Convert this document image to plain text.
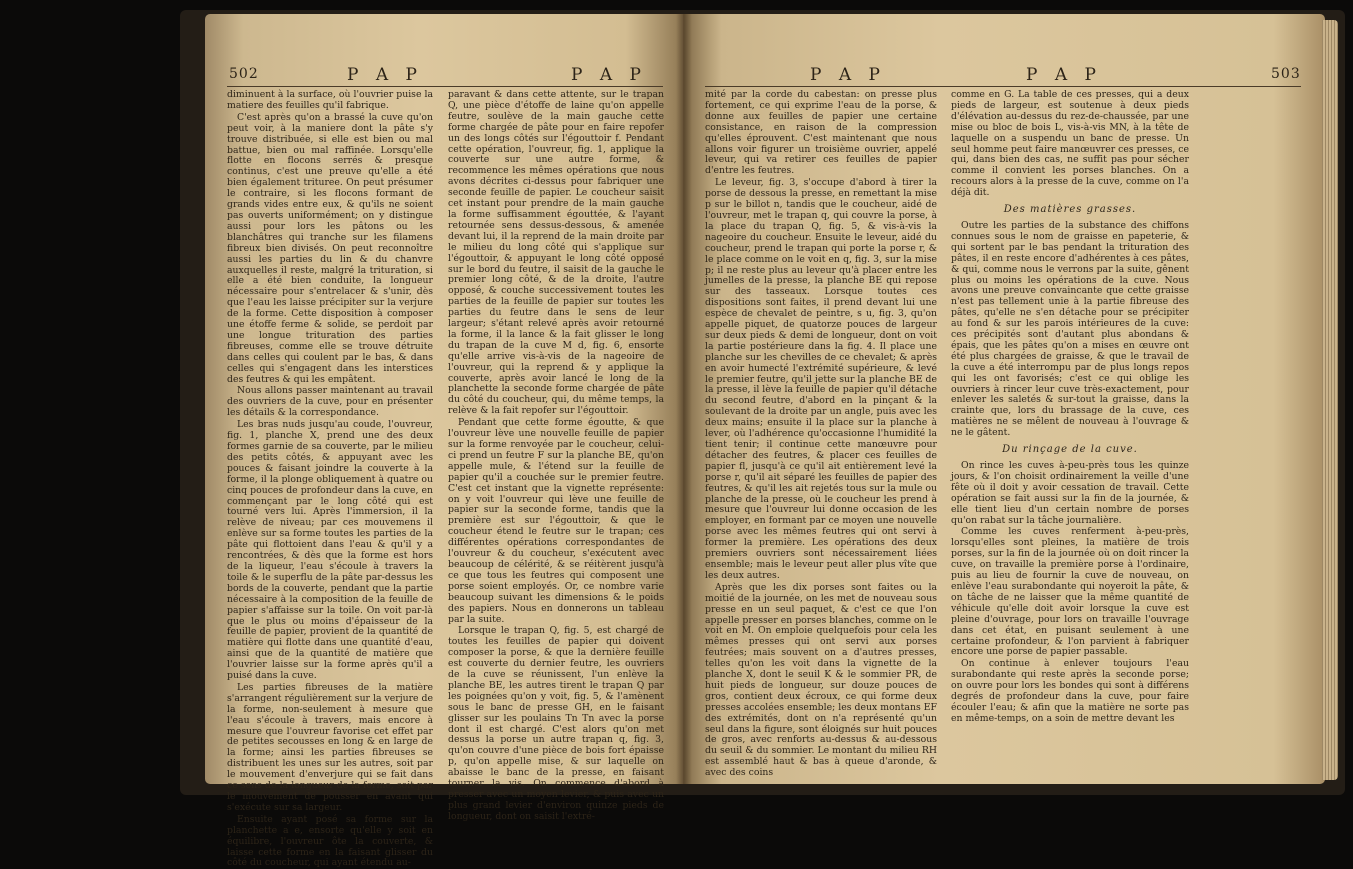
502	P A P	P A P

diminuent à la surface, où l'ouvrier puise la matiere des feuilles qu'il fabrique.

C'est après qu'on a brassé la cuve qu'on peut voir, à la maniere dont la pâte s'y trouve distribuée, si elle est bien ou mal battue, bien ou mal raffinée. Lorsqu'elle flotte en flocons serrés & presque continus, c'est une preuve qu'elle a été bien également trituree. On peut présumer le contraire, si les flocons formant de grands vides entre eux, & qu'ils ne soient pas ouverts uniformément; on y distingue aussi pour lors les pâtons ou les blanchâtres qui tranche sur les filamens fibreux bien divisés. On peut reconnoître aussi les parties du lin & du chanvre auxquelles il reste, malgré la trituration, si elle a été bien conduite, la longueur nécessaire pour s'entrelacer & s'unir, dès que l'eau les laisse précipiter sur la verjure de la forme. Cette disposition à composer une étoffe ferme & solide, se perdoit par une longue trituration des parties fibreuses, comme elle se trouve détruite dans celles qui coulent par le bas, & dans celles qui s'engagent dans les interstices des feutres & qui les empâtent.

Nous allons passer maintenant au travail des ouvriers de la cuve, pour en présenter les détails & la correspondance.

Les bras nuds jusqu'au coude, l'ouvreur, fig. 1, planche X, prend une des deux formes garnie de sa couverte, par le milieu des petits côtés, & appuyant avec les pouces & faisant joindre la couverte à la forme, il la plonge obliquement à quatre ou cinq pouces de profondeur dans la cuve, en commençant par le long côté qui est tourné vers lui. Après l'immersion, il la relève de niveau; par ces mouvemens il enlève sur sa forme toutes les parties de la pâte qui flottoient dans l'eau & qu'il y a rencontrées, & dès que la forme est hors de la liqueur, l'eau s'écoule à travers la toile & le superflu de la pâte par-dessus les bords de la couverte, pendant que la partie nécessaire à la composition de la feuille de papier s'affaisse sur la toile. On voit par-là que le plus ou moins d'épaisseur de la feuille de papier, provient de la quantité de matière qui flotte dans une quantité d'eau, ainsi que de la quantité de matière que l'ouvrier laisse sur la forme après qu'il a puisé dans la cuve.

Les parties fibreuses de la matière s'arrangent régulièrement sur la verjure de la forme, non-seulement à mesure que l'eau s'écoule à travers, mais encore à mesure que l'ouvreur favorise cet effet par de petites secousses en long & en large de la forme; ainsi les parties fibreuses se distribuent les unes sur les autres, soit par le mouvement d'enverjure qui se fait dans ce sens de la longueur de la forme, soit par le mouvement de pousser en avant qui s'exécute sur sa largeur.

Ensuite ayant posé sa forme sur la planchette a e, ensorte qu'elle y soit en équilibre, l'ouvreur ôte la couverte, & laisse cette forme en la faisant glisser du côté du coucheur, qui ayant étendu au-

paravant & dans cette attente, sur le trapan Q, une pièce d'étoffe de laine qu'on appelle feutre, soulève de la main gauche cette forme chargée de pâte pour en faire repofer un des longs côtés sur l'égouttoir f. Pendant cette opération, l'ouvreur, fig. 1, applique la couverte sur une autre forme, & recommence les mêmes opérations que nous avons décrites ci-dessus pour fabriquer une seconde feuille de papier. Le coucheur saisit cet instant pour prendre de la main gauche la forme suffisamment égouttée, & l'ayant retournée sens dessus-dessous, & amenée devant lui, il la reprend de la main droite par le milieu du long côté qui s'applique sur l'égouttoir, & appuyant le long côté opposé sur le bord du feutre, il saisit de la gauche le premier long côté, & de la droite, l'autre opposé, & couche successivement toutes les parties de la feuille de papier sur toutes les parties du feutre dans le sens de leur largeur; s'étant relevé après avoir retourné la forme, il la lance & la fait glisser le long du trapan de la cuve M d, fig. 6, ensorte qu'elle arrive vis-à-vis de la nageoire de l'ouvreur, qui la reprend & y applique la couverte, après avoir lancé le long de la planchette la seconde forme chargée de pâte du côté du coucheur, qui, du même temps, la relève & la fait repofer sur l'égouttoir.

Pendant que cette forme égoutte, & que l'ouvreur lève une nouvelle feuille de papier sur la forme renvoyée par le coucheur, celui-ci prend un feutre F sur la planche BE, qu'on appelle mule, & l'étend sur la feuille de papier qu'il a couchée sur le premier feutre. C'est cet instant que la vignette représente: on y voit l'ouvreur qui lève une feuille de papier sur la seconde forme, tandis que la première est sur l'égouttoir, & que le coucheur étend le feutre sur le trapan; ces différentes opérations correspondantes de l'ouvreur & du coucheur, s'exécutent avec beaucoup de célérité, & se réitèrent jusqu'à ce que tous les feutres qui composent une porse soient employés. Or, ce nombre varie beaucoup suivant les dimensions & le poids des papiers. Nous en donnerons un tableau par la suite.

Lorsque le trapan Q, fig. 5, est chargé de toutes les feuilles de papier qui doivent composer la porse, & que la dernière feuille est couverte du dernier feutre, les ouvriers de la cuve se réunissent, l'un enlève la planche BE, les autres tirent le trapan Q par les poignées qu'on y voit, fig. 5, & l'amènent sous le banc de presse GH, en le faisant glisser sur les poulains Tn Tn avec la porse dont il est chargé. C'est alors qu'on met dessus la porse un autre trapan q, fig. 3, qu'on couvre d'une pièce de bois fort épaisse p, qu'on appelle mise, & sur laquelle on abaisse le banc de la presse, en faisant tourner la vis. On commence d'abord à presser avec un moyen levier, & puis avec un plus grand levier d'environ quinze pieds de longueur, dont on saisit l'extré-

P A P	P A P	503

mité par la corde du cabestan: on presse plus fortement, ce qui exprime l'eau de la porse, & donne aux feuilles de papier une certaine consistance, en raison de la compression qu'elles éprouvent. C'est maintenant que nous allons voir figurer un troisième ouvrier, appelé leveur, qui va retirer ces feuilles de papier d'entre les feutres.

Le leveur, fig. 3, s'occupe d'abord à tirer la porse de dessous la presse, en remettant la mise p sur le billot n, tandis que le coucheur, aidé de l'ouvreur, met le trapan q, qui couvre la porse, à la place du trapan Q, fig. 5, & vis-à-vis la nageoire du coucheur. Ensuite le leveur, aidé du coucheur, prend le trapan qui porte la porse r, & le place comme on le voit en q, fig. 3, sur la mise p; il ne reste plus au leveur qu'à placer entre les jumelles de la presse, la planche BE qui repose sur des tasseaux. Lorsque toutes ces dispositions sont faites, il prend devant lui une espèce de chevalet de peintre, s u, fig. 3, qu'on appelle piquet, de quatorze pouces de largeur sur deux pieds & demi de longueur, dont on voit la partie postérieure dans la fig. 4. Il place une planche sur les chevilles de ce chevalet; & après en avoir humecté l'extrémité supérieure, & levé le premier feutre, qu'il jette sur la planche BE de la presse, il lève la feuille de papier qu'il détache du second feutre, d'abord en la pinçant & la soulevant de la droite par un angle, puis avec les deux mains; ensuite il la place sur la planche à lever, où l'adhérence qu'occasionne l'humidité la tient tenir; il continue cette manœuvre pour détacher des feutres, & placer ces feuilles de papier fl, jusqu'à ce qu'il ait entièrement levé la porse r, qu'il ait séparé les feuilles de papier des feutres, & qu'il les ait rejetés tous sur la mule ou planche de la presse, où le coucheur les prend à mesure que l'ouvreur lui donne occasion de les employer, en formant par ce moyen une nouvelle porse avec les mêmes feutres qui ont servi à former la première. Les opérations des deux premiers ouvriers sont nécessairement liées ensemble; mais le leveur peut aller plus vîte que les deux autres.

Après que les dix porses sont faites ou la moitié de la journée, on les met de nouveau sous presse en un seul paquet, & c'est ce que l'on appelle presser en porses blanches, comme on le voit en M. On emploie quelquefois pour cela les mêmes presses qui ont servi aux porses feutrées; mais souvent on a d'autres presses, telles qu'on les voit dans la vignette de la planche X, dont le seuil K & le sommier PR, de huit pieds de longueur, sur douze pouces de gros, contient deux écroux, ce qui forme deux presses accolées ensemble; les deux montans EF des extrémités, dont on n'a représenté qu'un seul dans la figure, sont éloignés sur huit pouces de gros, avec renforts au-dessus & au-dessous du seuil & du sommier. Le montant du milieu RH est assemblé haut & bas à queue d'aronde, & avec des coins

comme en G. La table de ces presses, qui a deux pieds de largeur, est soutenue à deux pieds d'élévation au-dessus du rez-de-chaussée, par une mise ou bloc de bois L, vis-à-vis MN, à la tête de laquelle on a suspendu un banc de presse. Un seul homme peut faire manœuvrer ces presses, ce qui, dans bien des cas, ne suffit pas pour sécher comme il convient les porses blanches. On a recours alors à la presse de la cuve, comme on l'a déjà dit.

Des matières grasses.

Outre les parties de la substance des chiffons connues sous le nom de graisse en papeterie, & qui sortent par le bas pendant la trituration des pâtes, il en reste encore d'adhérentes à ces pâtes, & qui, comme nous le verrons par la suite, gênent plus ou moins les opérations de la cuve. Nous avons une preuve convaincante que cette graisse n'est pas tellement unie à la partie fibreuse des pâtes, qu'elle ne s'en détache pour se précipiter au fond & sur les parois intérieures de la cuve: ces précipités sont d'autant plus abondans & épais, que les pâtes qu'on a mises en œuvre ont été plus chargées de graisse, & que le travail de la cuve a été interrompu par de plus longs repos qui les ont favorisés; c'est ce qui oblige les ouvriers à rincer leur cuve très-exactement, pour enlever les saletés & sur-tout la graisse, dans la crainte que, lors du brassage de la cuve, ces matières ne se mêlent de nouveau à l'ouvrage & ne le gâtent.

Du rinçage de la cuve.

On rince les cuves à-peu-près tous les quinze jours, & l'on choisit ordinairement la veille d'une fête où il doit y avoir cessation de travail. Cette opération se fait aussi sur la fin de la journée, & elle tient lieu d'un certain nombre de porses qu'on rabat sur la tâche journalière.

Comme les cuves renferment à-peu-près, lorsqu'elles sont pleines, la matière de trois porses, sur la fin de la journée où on doit rincer la cuve, on travaille la première porse à l'ordinaire, puis au lieu de fournir la cuve de nouveau, on enlève l'eau surabondante qui noyeroit la pâte, & on tâche de ne laisser que la même quantité de véhicule qu'elle doit avoir lorsque la cuve est pleine d'ouvrage, pour lors on travaille l'ouvrage dans cet état, en puisant seulement à une certaine profondeur, & l'on parvient à fabriquer encore une porse de papier passable.

On continue à enlever toujours l'eau surabondante qui reste après la seconde porse; on ouvre pour lors les bondes qui sont à différens degrés de profondeur dans la cuve, pour faire écouler l'eau; & afin que la matière ne sorte pas en même-temps, on a soin de mettre devant les
